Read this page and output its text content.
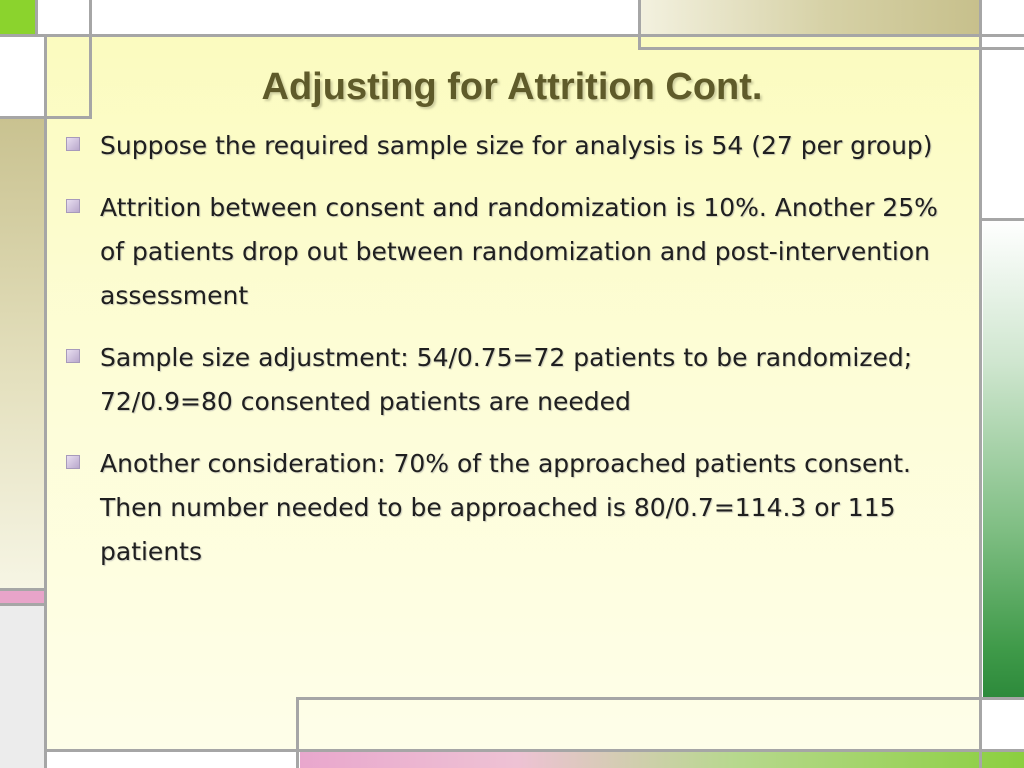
Adjusting for Attrition Cont.
Suppose the required sample size for analysis is 54 (27 per group)
Attrition between consent and randomization is 10%. Another 25% of patients drop out between randomization and post-intervention assessment
Sample size adjustment: 54/0.75=72 patients to be randomized; 72/0.9=80 consented patients are needed
Another consideration: 70% of the approached patients consent. Then number needed to be approached is 80/0.7=114.3 or 115 patients
